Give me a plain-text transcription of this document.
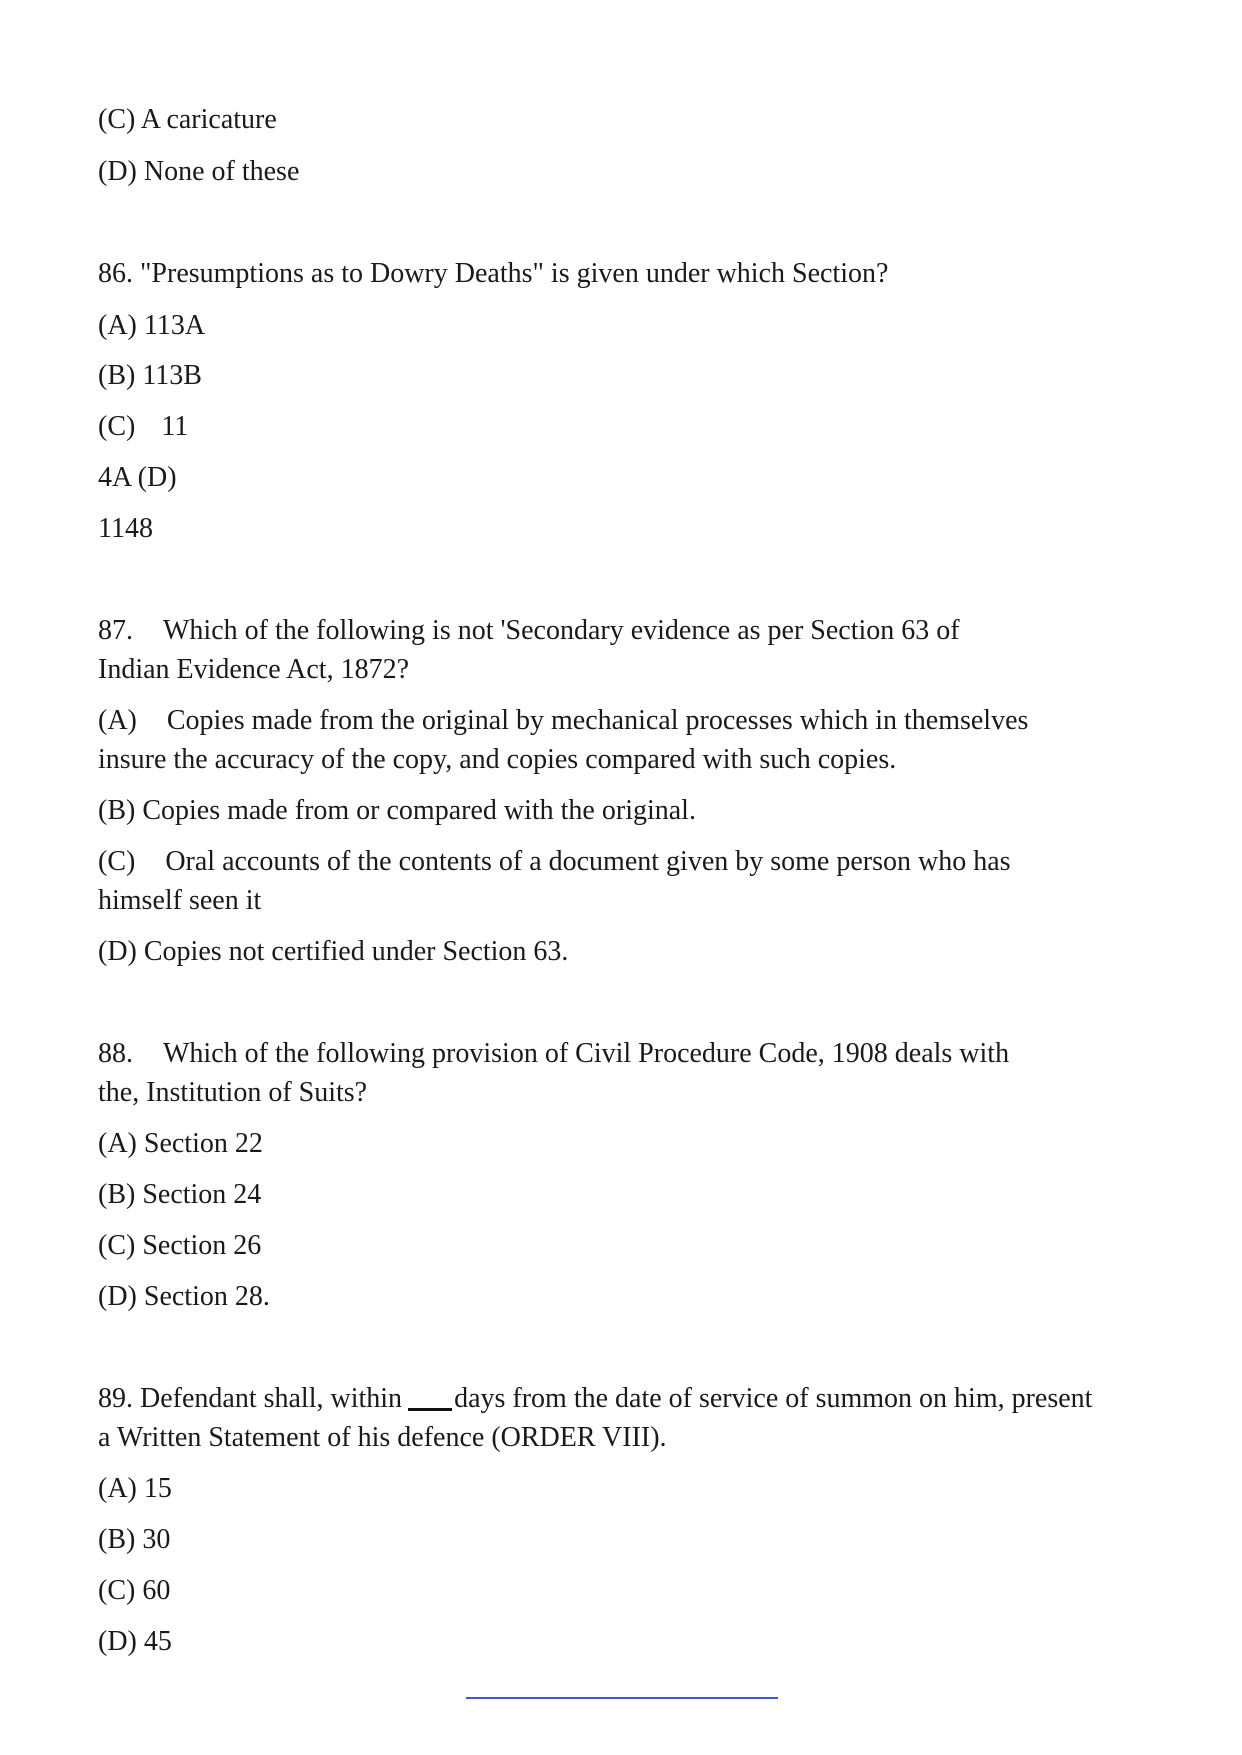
(C) A caricature
(D) None of these
86. "Presumptions as to Dowry Deaths" is given under which Section?
(A) 113A
(B) 113B
(C) 11
4A (D)
1148
87. Which of the following is not 'Secondary evidence as per Section 63 of
Indian Evidence Act, 1872?
(A) Copies made from the original by mechanical processes which in themselves
insure the accuracy of the copy, and copies compared with such copies.
(B) Copies made from or compared with the original.
(C) Oral accounts of the contents of a document given by some person who has
himself seen it
(D) Copies not certified under Section 63.
88. Which of the following provision of Civil Procedure Code, 1908 deals with
the, Institution of Suits?
(A) Section 22
(B) Section 24
(C) Section 26
(D) Section 28.
89. Defendant shall, within days from the date of service of summon on him, present
a Written Statement of his defence (ORDER VIII).
(A) 15
(B) 30
(C) 60
(D) 45
